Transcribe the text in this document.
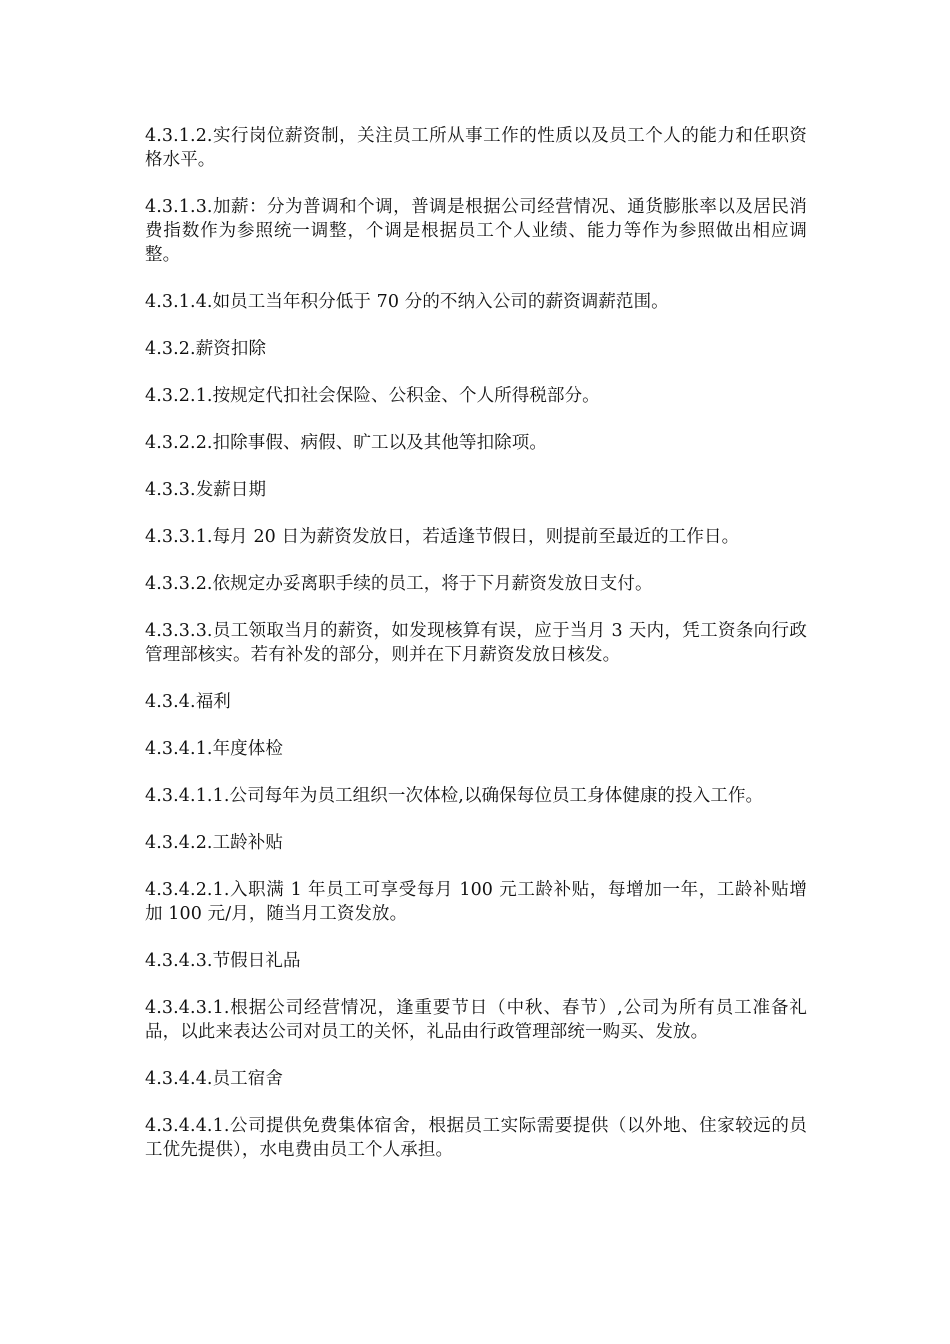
4.3.1.2.实行岗位薪资制，关注员工所从事工作的性质以及员工个人的能力和任职资格水平。

4.3.1.3.加薪：分为普调和个调，普调是根据公司经营情况、通货膨胀率以及居民消费指数作为参照统一调整，个调是根据员工个人业绩、能力等作为参照做出相应调整。

4.3.1.4.如员工当年积分低于 70 分的不纳入公司的薪资调薪范围。

4.3.2.薪资扣除

4.3.2.1.按规定代扣社会保险、公积金、个人所得税部分。

4.3.2.2.扣除事假、病假、旷工以及其他等扣除项。

4.3.3.发薪日期

4.3.3.1.每月 20 日为薪资发放日，若适逢节假日，则提前至最近的工作日。

4.3.3.2.依规定办妥离职手续的员工，将于下月薪资发放日支付。

4.3.3.3.员工领取当月的薪资，如发现核算有误，应于当月 3 天内，凭工资条向行政管理部核实。若有补发的部分，则并在下月薪资发放日核发。

4.3.4.福利

4.3.4.1.年度体检

4.3.4.1.1.公司每年为员工组织一次体检,以确保每位员工身体健康的投入工作。

4.3.4.2.工龄补贴

4.3.4.2.1.入职满 1 年员工可享受每月 100 元工龄补贴，每增加一年，工龄补贴增加 100 元/月，随当月工资发放。

4.3.4.3.节假日礼品

4.3.4.3.1.根据公司经营情况，逢重要节日（中秋、春节）,公司为所有员工准备礼品，以此来表达公司对员工的关怀，礼品由行政管理部统一购买、发放。

4.3.4.4.员工宿舍

4.3.4.4.1.公司提供免费集体宿舍，根据员工实际需要提供（以外地、住家较远的员工优先提供），水电费由员工个人承担。
